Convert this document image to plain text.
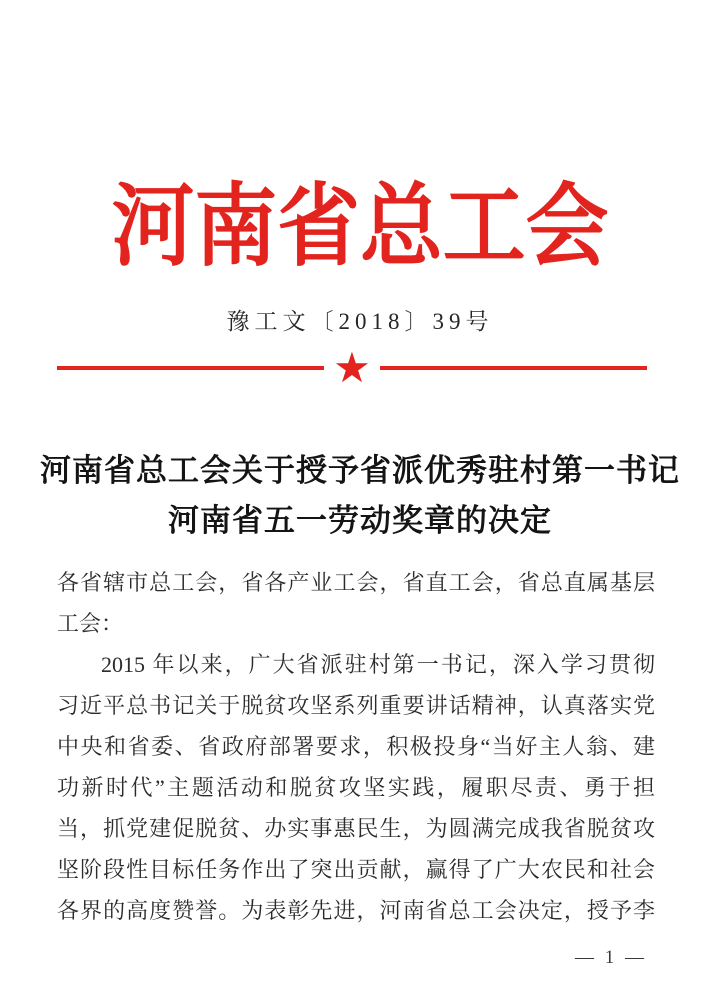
河南省总工会
豫工文〔2018〕39号
★
河南省总工会关于授予省派优秀驻村第一书记
河南省五一劳动奖章的决定
各省辖市总工会，省各产业工会，省直工会，省总直属基层
工会：
2015 年以来，广大省派驻村第一书记，深入学习贯彻
习近平总书记关于脱贫攻坚系列重要讲话精神，认真落实党
中央和省委、省政府部署要求，积极投身“当好主人翁、建
功新时代”主题活动和脱贫攻坚实践，履职尽责、勇于担
当，抓党建促脱贫、办实事惠民生，为圆满完成我省脱贫攻
坚阶段性目标任务作出了突出贡献，赢得了广大农民和社会
各界的高度赞誉。为表彰先进，河南省总工会决定，授予李
— 1 —
